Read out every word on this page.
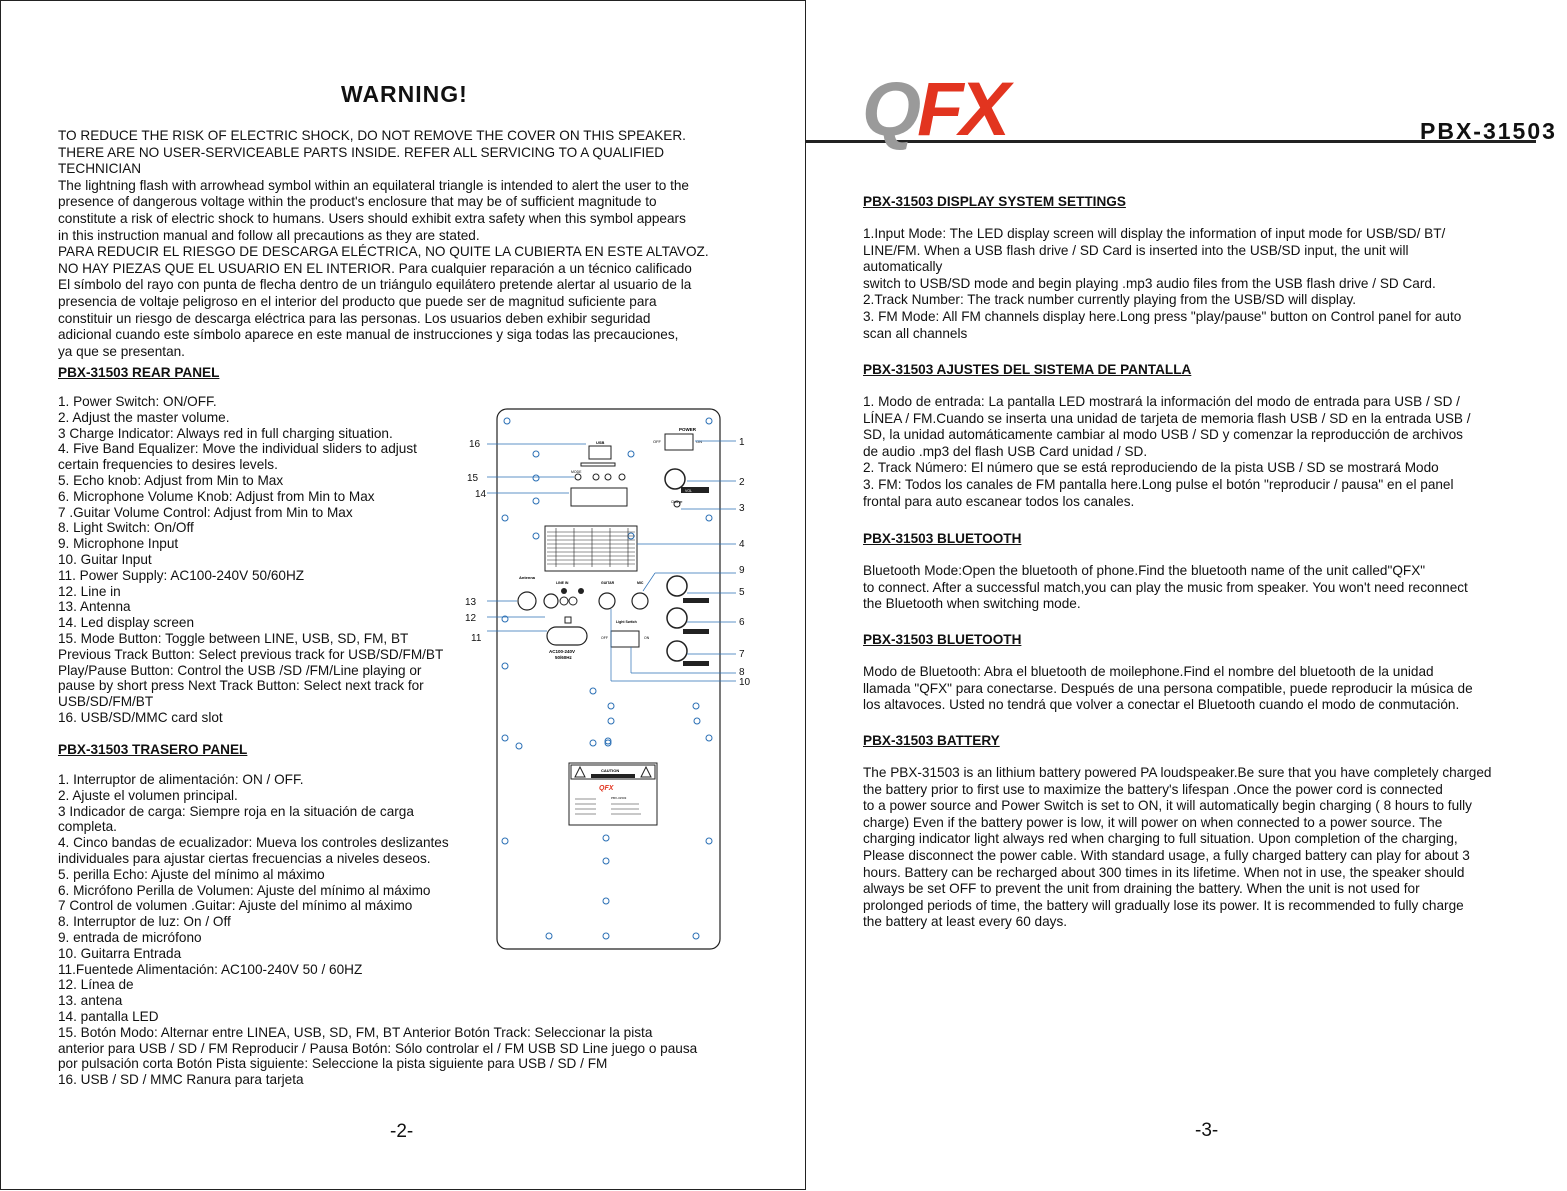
WARNING!

TO REDUCE THE RISK OF ELECTRIC SHOCK, DO NOT REMOVE THE COVER ON THIS SPEAKER.
THERE ARE NO USER-SERVICEABLE PARTS INSIDE. REFER ALL SERVICING TO A QUALIFIED
TECHNICIAN
The lightning flash with arrowhead symbol within an equilateral triangle is intended to alert the user to the
presence of dangerous voltage within the product's enclosure that may be of sufficient magnitude to
constitute a risk of electric shock to humans. Users should exhibit extra safety when this symbol appears
in this instruction manual and follow all precautions as they are stated.
PARA REDUCIR EL RIESGO DE DESCARGA ELÉCTRICA, NO QUITE LA CUBIERTA EN ESTE ALTAVOZ.
NO HAY PIEZAS QUE EL USUARIO EN EL INTERIOR. Para cualquier reparación a un técnico calificado
El símbolo del rayo con punta de flecha dentro de un triángulo equilátero pretende alertar al usuario de la
presencia de voltaje peligroso en el interior del producto que puede ser de magnitud suficiente para
constituir un riesgo de descarga eléctrica para las personas. Los usuarios deben exhibir seguridad
adicional cuando este símbolo aparece en este manual de instrucciones y siga todas las precauciones,
ya que se presentan.

PBX-31503 REAR PANEL
1. Power Switch: ON/OFF.
2. Adjust the master volume.
3 Charge Indicator: Always red in full charging situation.
4. Five Band Equalizer: Move the individual sliders to adjust
certain frequencies to desires levels.
5. Echo knob: Adjust from Min to Max
6. Microphone Volume Knob: Adjust from Min to Max
7 .Guitar Volume Control: Adjust from Min to Max
8. Light Switch: On/Off
9. Microphone Input
10. Guitar Input
11. Power Supply: AC100-240V 50/60HZ
12. Line in
13. Antenna
14. Led display screen
15. Mode Button: Toggle between LINE, USB, SD, FM, BT
Previous Track Button: Select previous track for USB/SD/FM/BT
Play/Pause Button: Control the USB /SD /FM/Line playing or
pause by short press Next Track Button: Select next track for
USB/SD/FM/BT
16. USB/SD/MMC card slot
PBX-31503 TRASERO PANEL
1. Interruptor de alimentación: ON / OFF.
2. Ajuste el volumen principal.
3 Indicador de carga: Siempre roja en la situación de carga
completa.
4. Cinco bandas de ecualizador: Mueva los controles deslizantes
individuales para ajustar ciertas frecuencias a niveles deseos.
5. perilla Echo: Ajuste del mínimo al máximo
6. Micrófono Perilla de Volumen: Ajuste del mínimo al máximo
7 Control de volumen .Guitar: Ajuste del mínimo al máximo
8. Interruptor de luz: On / Off
9. entrada de micrófono
10. Guitarra Entrada
11.Fuentede Alimentación: AC100-240V 50 / 60HZ
12. Línea de
13. antena
14. pantalla LED
15. Botón Modo: Alternar entre LINEA, USB, SD, FM, BT Anterior Botón Track: Seleccionar la pista
anterior para USB / SD / FM Reproducir / Pausa Botón: Sólo controlar el / FM USB SD Line juego o pausa
por pulsación corta Botón Pista siguiente: Seleccione la pista siguiente para USB / SD / FM
16. USB / SD / MMC Ranura para tarjeta
-2-
USB
MODE
POWER
OFF	ON
VOL
Charge
Antenna
LINE IN	GUITAR	MIC
Light Switch
OFF	ON
AC100-240V
50/60Hz
CAUTION
QFX
PBX-31503
16
15
14
13
12
11
1
2
3
4
9
5
6
7
8
10
QFX	PBX-31503
PBX-31503 DISPLAY SYSTEM SETTINGS

1.Input Mode: The LED display screen will display the information of input mode for USB/SD/ BT/
LINE/FM. When a USB flash drive / SD Card is inserted into the USB/SD input, the unit will
automatically
switch to USB/SD mode and begin playing .mp3 audio files from the USB flash drive / SD Card.
2.Track Number: The track number currently playing from the USB/SD will display.
3. FM Mode: All FM channels display here.Long press "play/pause" button on Control panel for auto
scan all channels

PBX-31503 AJUSTES DEL SISTEMA DE PANTALLA

1. Modo de entrada: La pantalla LED mostrará la información del modo de entrada para USB / SD /
LÍNEA / FM.Cuando se inserta una unidad de tarjeta de memoria flash USB / SD en la entrada USB /
SD, la unidad automáticamente cambiar al modo USB / SD y comenzar la reproducción de archivos
de audio .mp3 del flash USB Card unidad / SD.
2. Track Número: El número que se está reproduciendo de la pista USB / SD se mostrará Modo
3. FM: Todos los canales de FM pantalla here.Long pulse el botón "reproducir / pausa" en el panel
frontal para auto escanear todos los canales.

PBX-31503 BLUETOOTH

Bluetooth Mode:Open the bluetooth of phone.Find the bluetooth name of the unit called"QFX"
to connect. After a successful match,you can play the music from speaker. You won't need reconnect
the Bluetooth when switching mode.

PBX-31503 BLUETOOTH

Modo de Bluetooth: Abra el bluetooth de moilephone.Find el nombre del bluetooth de la unidad
llamada "QFX" para conectarse. Después de una persona compatible, puede reproducir la música de
los altavoces. Usted no tendrá que volver a conectar el Bluetooth cuando el modo de conmutación.

PBX-31503 BATTERY

The PBX-31503 is an lithium battery powered PA loudspeaker.Be sure that you have completely charged
the battery prior to first use to maximize the battery's lifespan .Once the power cord is connected
to a power source and Power Switch is set to ON, it will automatically begin charging ( 8 hours to fully
charge) Even if the battery power is low, it will power on when connected to a power source. The
charging indicator light always red when charging to full situation. Upon completion of the charging,
Please disconnect the power cable. With standard usage, a fully charged battery can play for about 3
hours. Battery can be recharged about 300 times in its lifetime. When not in use, the speaker should
always be set OFF to prevent the unit from draining the battery. When the unit is not used for
prolonged periods of time, the battery will gradually lose its power. It is recommended to fully charge
the battery at least every 60 days.

-3-
